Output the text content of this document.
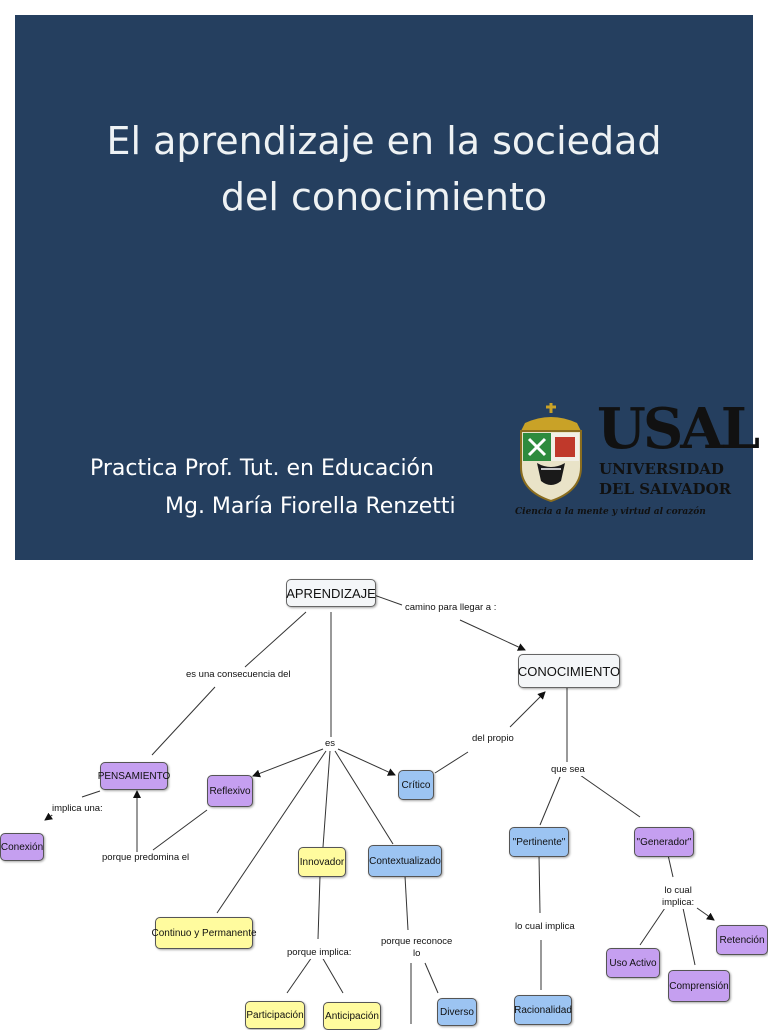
El aprendizaje en la sociedad
del conocimiento
Practica Prof. Tut. en Educación
Mg. María Fiorella Renzetti
USAL
UNIVERSIDAD
DEL SALVADOR
Ciencia a la mente y virtud al corazón
APRENDIZAJE
CONOCIMIENTO
PENSAMIENTO
Conexión
Reflexivo
Crítico
Innovador Contextualizado
Continuo y Permanente
Participación Anticipación	Diverso
"Pertinente"	"Generador"
Racionalidad
Uso Activo
Comprensión
Retención
camino para llegar a :
es una consecuencia del
es	del propio
que sea
implica una:
porque predomina el
porque implica:
porque reconoce
lo
lo cual implica
lo cual
implica:
